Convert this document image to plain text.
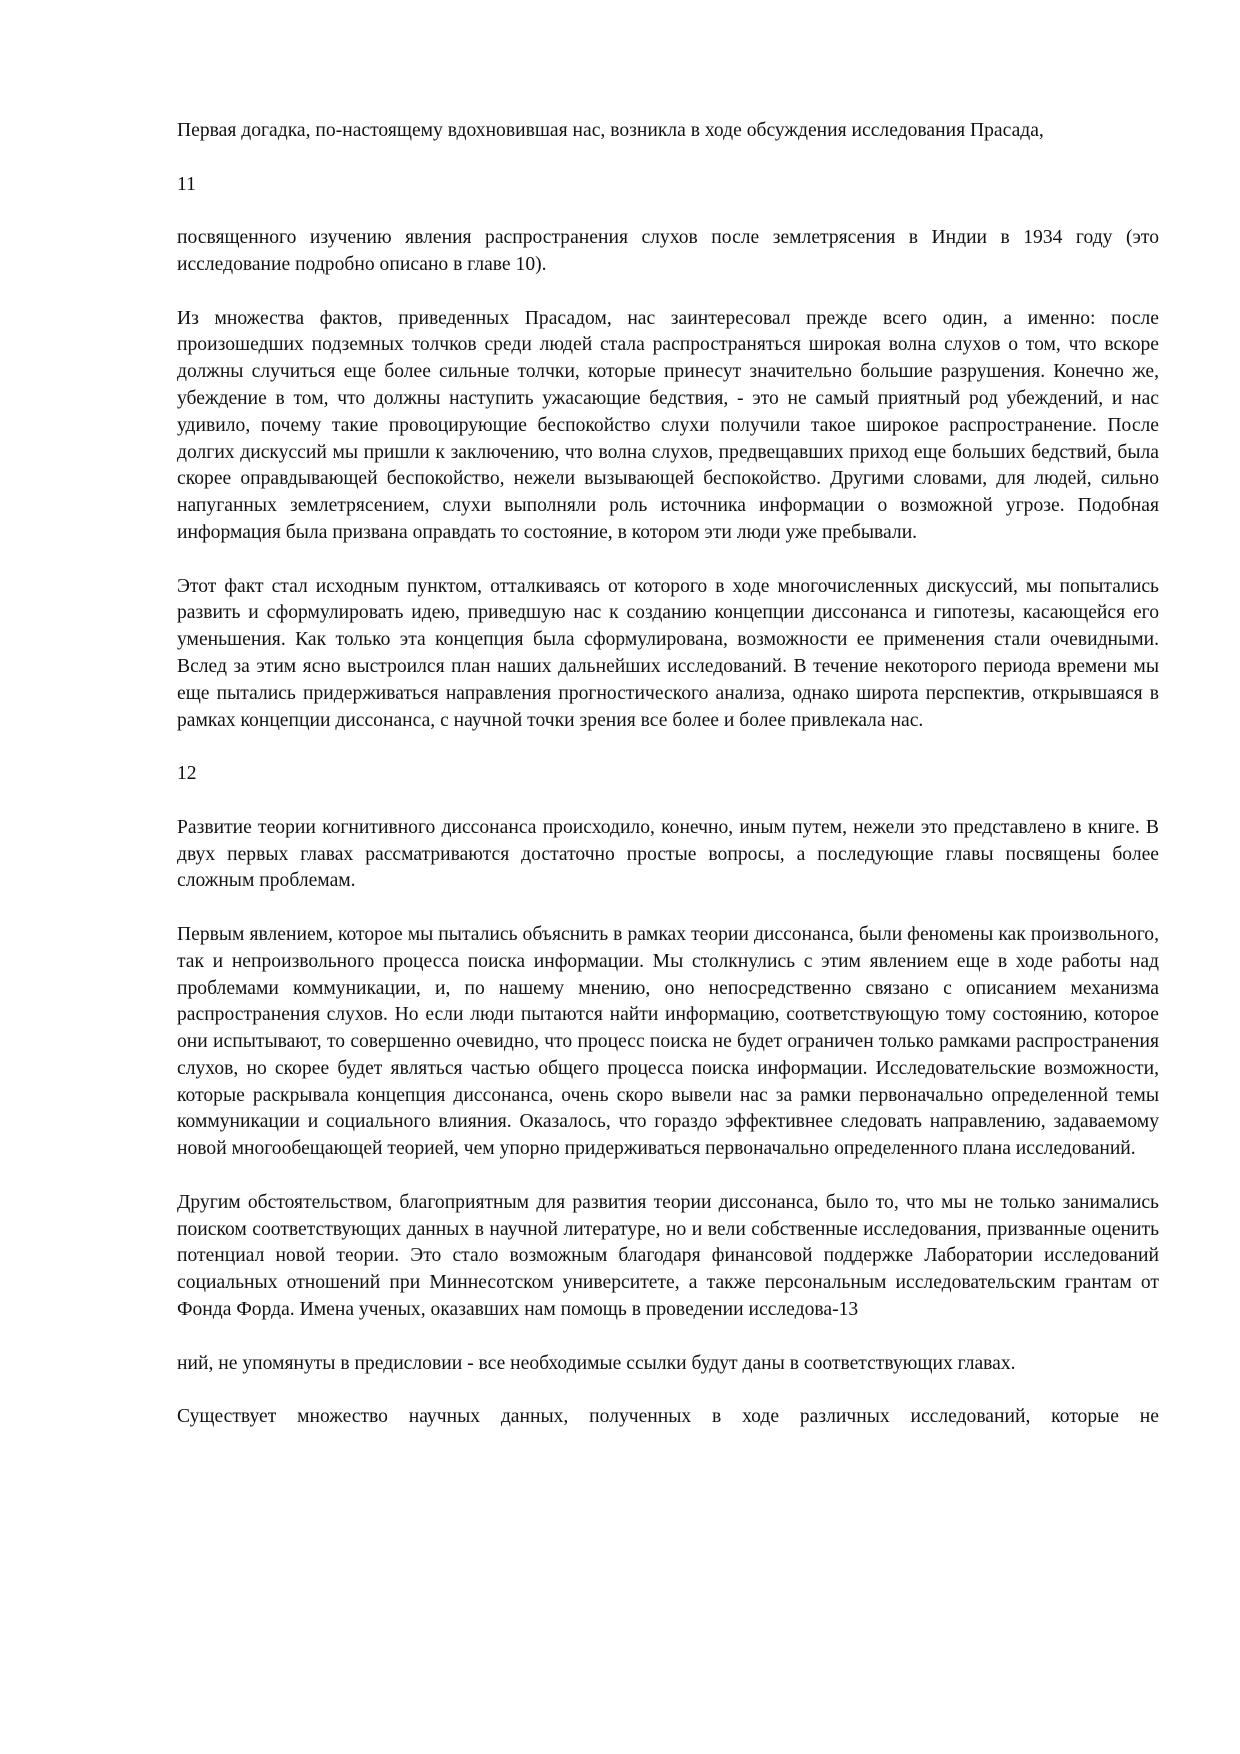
Первая догадка, по-настоящему вдохновившая нас, возникла в ходе обсуждения исследования Прасада,

11

посвященного изучению явления распространения слухов после землетрясения в Индии в 1934 году (это исследование подробно описано в главе 10).

Из множества фактов, приведенных Прасадом, нас заинтересовал прежде всего один, а именно: после произошедших подземных толчков среди людей стала распространяться широкая волна слухов о том, что вскоре должны случиться еще более сильные толчки, которые принесут значительно большие разрушения. Конечно же, убеждение в том, что должны наступить ужасающие бедствия, - это не самый приятный род убеждений, и нас удивило, почему такие провоцирующие беспокойство слухи получили такое широкое распространение. После долгих дискуссий мы пришли к заключению, что волна слухов, предвещавших приход еще больших бедствий, была скорее оправдывающей беспокойство, нежели вызывающей беспокойство. Другими словами, для людей, сильно напуганных землетрясением, слухи выполняли роль источника информации о возможной угрозе. Подобная информация была призвана оправдать то состояние, в котором эти люди уже пребывали.

Этот факт стал исходным пунктом, отталкиваясь от которого в ходе многочисленных дискуссий, мы попытались развить и сформулировать идею, приведшую нас к созданию концепции диссонанса и гипотезы, касающейся его уменьшения. Как только эта концепция была сформулирована, возможности ее применения стали очевидными. Вслед за этим ясно выстроился план наших дальнейших исследований. В течение некоторого периода времени мы еще пытались придерживаться направления прогностического анализа, однако широта перспектив, открывшаяся в рамках концепции диссонанса, с научной точки зрения все более и более привлекала нас.

12

Развитие теории когнитивного диссонанса происходило, конечно, иным путем, нежели это представлено в книге. В двух первых главах рассматриваются достаточно простые вопросы, а последующие главы посвящены более сложным проблемам.

Первым явлением, которое мы пытались объяснить в рамках теории диссонанса, были феномены как произвольного, так и непроизвольного процесса поиска информации. Мы столкнулись с этим явлением еще в ходе работы над проблемами коммуникации, и, по нашему мнению, оно непосредственно связано с описанием механизма распространения слухов. Но если люди пытаются найти информацию, соответствующую тому состоянию, которое они испытывают, то совершенно очевидно, что процесс поиска не будет ограничен только рамками распространения слухов, но скорее будет являться частью общего процесса поиска информации. Исследовательские возможности, которые раскрывала концепция диссонанса, очень скоро вывели нас за рамки первоначально определенной темы коммуникации и социального влияния. Оказалось, что гораздо эффективнее следовать направлению, задаваемому новой многообещающей теорией, чем упорно придерживаться первоначально определенного плана исследований.

Другим обстоятельством, благоприятным для развития теории диссонанса, было то, что мы не только занимались поиском соответствующих данных в научной литературе, но и вели собственные исследования, призванные оценить потенциал новой теории. Это стало возможным благодаря финансовой поддержке Лаборатории исследований социальных отношений при Миннесотском университете, а также персональным исследовательским грантам от Фонда Форда. Имена ученых, оказавших нам помощь в проведении исследова-13

ний, не упомянуты в предисловии - все необходимые ссылки будут даны в соответствующих главах.

Существует множество научных данных, полученных в ходе различных исследований, которые не
